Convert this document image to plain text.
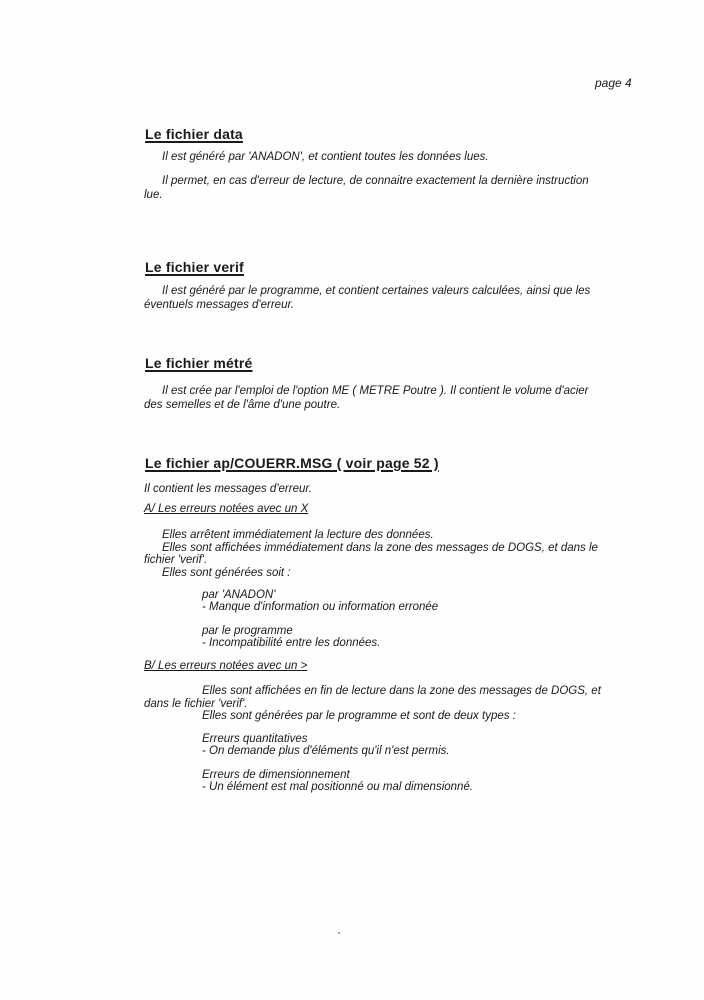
page 4
Le fichier data
Il est généré par 'ANADON', et contient toutes les données lues.
Il permet, en cas d'erreur de lecture, de connaitre exactement la dernière instruction
lue.
Le fichier verif
Il est généré par le programme, et contient certaines valeurs calculées, ainsi que les
éventuels messages d'erreur.
Le fichier métré
Il est crée par l'emploi de l'option ME ( METRE Poutre ). Il contient le volume d'acier
des semelles et de l'âme d'une poutre.
Le fichier ap/COUERR.MSG ( voir page 52 )
Il contient les messages d'erreur.
A/ Les erreurs notées avec un X
Elles arrêtent immédiatement la lecture des données.
Elles sont affichées immédiatement dans la zone des messages de DOGS, et dans le
fichier 'verif'.
Elles sont générées soit :
par 'ANADON'
- Manque d'information ou information erronée
par le programme
- Incompatibilité entre les données.
B/ Les erreurs notées avec un >
Elles sont affichées en fin de lecture dans la zone des messages de DOGS, et
dans le fichier 'verif'.
Elles sont générées par le programme et sont de deux types :
Erreurs quantitatives
- On demande plus d'éléments qu'il n'est permis.
Erreurs de dimensionnement
- Un élément est mal positionné ou mal dimensionné.
